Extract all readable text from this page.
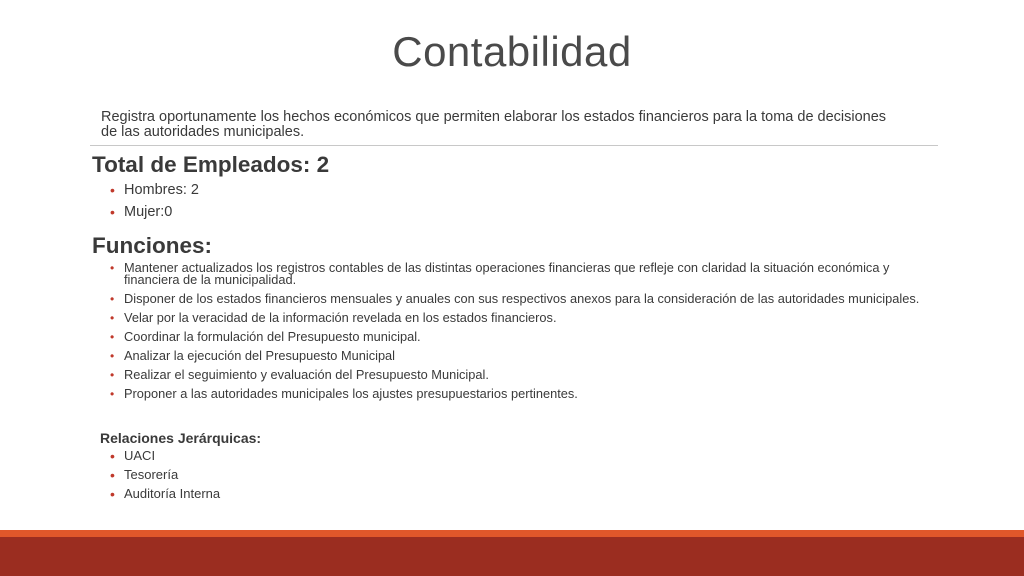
Contabilidad
Registra oportunamente los hechos económicos que permiten elaborar los estados financieros para la toma de decisiones de las autoridades municipales.
Total de Empleados: 2
• Hombres: 2
• Mujer:0
Funciones:
• Mantener actualizados los registros contables de las distintas operaciones financieras que refleje con claridad la situación económica y financiera de la municipalidad.
• Disponer de los estados financieros mensuales y anuales con sus respectivos anexos para la consideración de las autoridades municipales.
• Velar por la veracidad de la información revelada en los estados financieros.
• Coordinar la formulación del Presupuesto municipal.
• Analizar la ejecución del Presupuesto Municipal
• Realizar el seguimiento y evaluación del Presupuesto Municipal.
• Proponer a las autoridades municipales los ajustes presupuestarios pertinentes.
Relaciones Jerárquicas:
• UACI
• Tesorería
• Auditoría Interna
